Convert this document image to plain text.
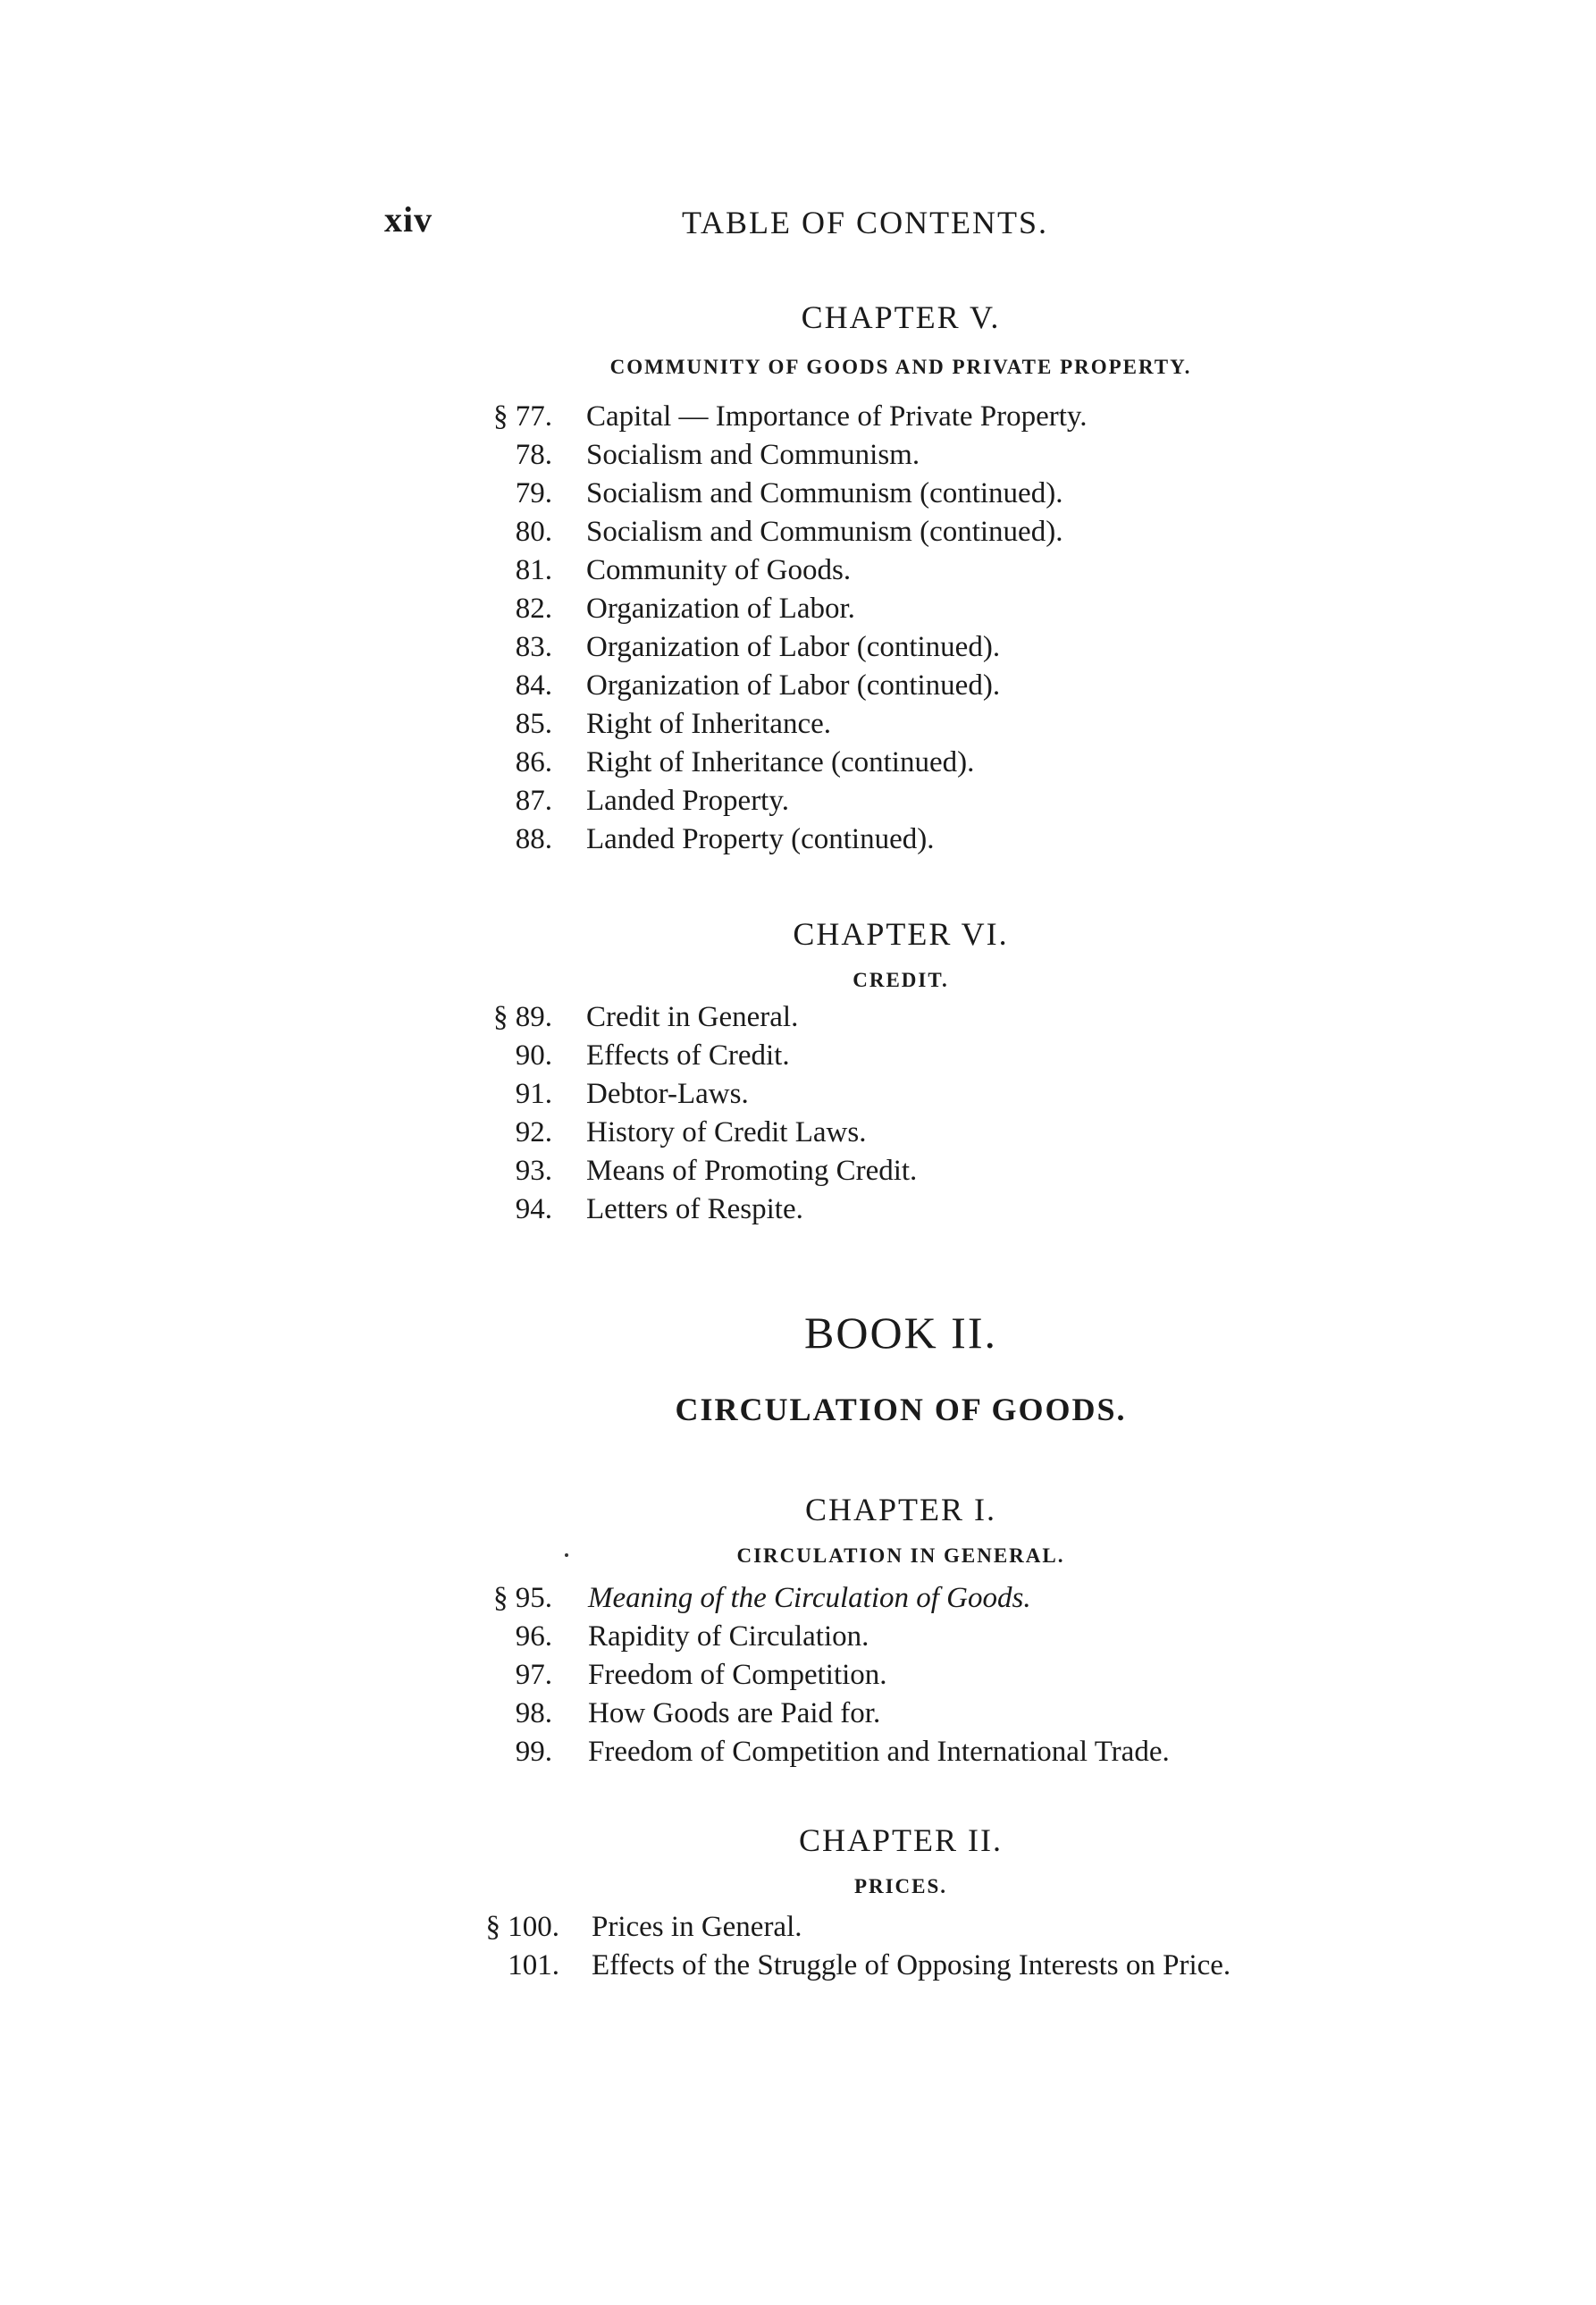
xiv	TABLE OF CONTENTS.
CHAPTER V.
COMMUNITY OF GOODS AND PRIVATE PROPERTY.
§ 77. Capital — Importance of Private Property.
78. Socialism and Communism.
79. Socialism and Communism (continued).
80. Socialism and Communism (continued).
81. Community of Goods.
82. Organization of Labor.
83. Organization of Labor (continued).
84. Organization of Labor (continued).
85. Right of Inheritance.
86. Right of Inheritance (continued).
87. Landed Property.
88. Landed Property (continued).
CHAPTER VI.
CREDIT.
§ 89. Credit in General.
90. Effects of Credit.
91. Debtor-Laws.
92. History of Credit Laws.
93. Means of Promoting Credit.
94. Letters of Respite.
BOOK II.
CIRCULATION OF GOODS.
CHAPTER I.
CIRCULATION IN GENERAL.
§ 95. Meaning of the Circulation of Goods.
96. Rapidity of Circulation.
97. Freedom of Competition.
98. How Goods are Paid for.
99. Freedom of Competition and International Trade.
CHAPTER II.
PRICES.
§ 100. Prices in General.
101. Effects of the Struggle of Opposing Interests on Price.
